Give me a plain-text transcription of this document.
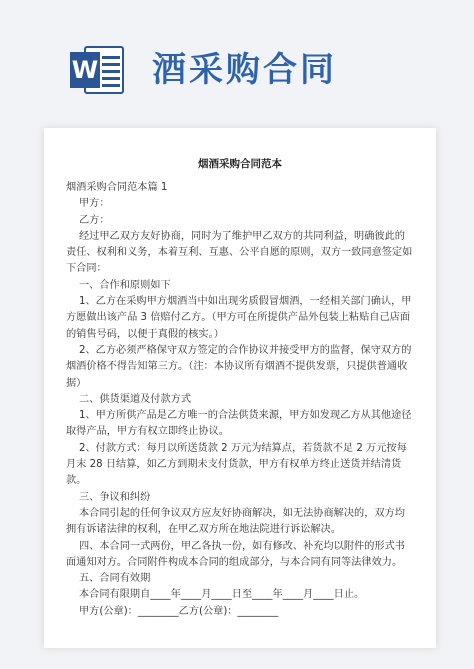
W 酒采购合同
烟酒采购合同范本

烟酒采购合同范本篇 1

甲方：

乙方：

经过甲乙双方友好协商，同时为了维护甲乙双方的共同利益，明确彼此的责任、权利和义务，本着互利、互惠、公平自愿的原则，双方一致同意签定如下合同：

一、合作和原则如下

1、乙方在采购甲方烟酒当中如出现劣质假冒烟酒，一经相关部门确认，甲方愿做出该产品 3 倍赔付乙方。（甲方可在所提供产品外包装上粘贴自己店面的销售号码，以便于真假的核实。）

2、乙方必须严格保守双方签定的合作协议并接受甲方的监督，保守双方的烟酒价格不得告知第三方。（注：本协议所有烟酒不提供发票，只提供普通收据）

二、供货渠道及付款方式

1、甲方所供产品是乙方唯一的合法供货来源，甲方如发现乙方从其他途径取得产品，甲方有权立即终止协议。

2、付款方式：每月以所送货款 2 万元为结算点，若货款不足 2 万元按每月末 28 日结算，如乙方到期未支付货款，甲方有权单方终止送货并结清货款。

三、争议和纠纷

本合同引起的任何争议双方应友好协商解决，如无法协商解决的，双方均拥有诉诸法律的权利，在甲乙双方所在地法院进行诉讼解决。

四、本合同一式两份，甲乙各执一份，如有修改、补充均以附件的形式书面通知对方。合同附件构成本合同的组成部分，与本合同有同等法律效力。

五、合同有效期

本合同有限期自____年____月____日至____年____月____日止。

甲方(公章)：________乙方(公章)：________
